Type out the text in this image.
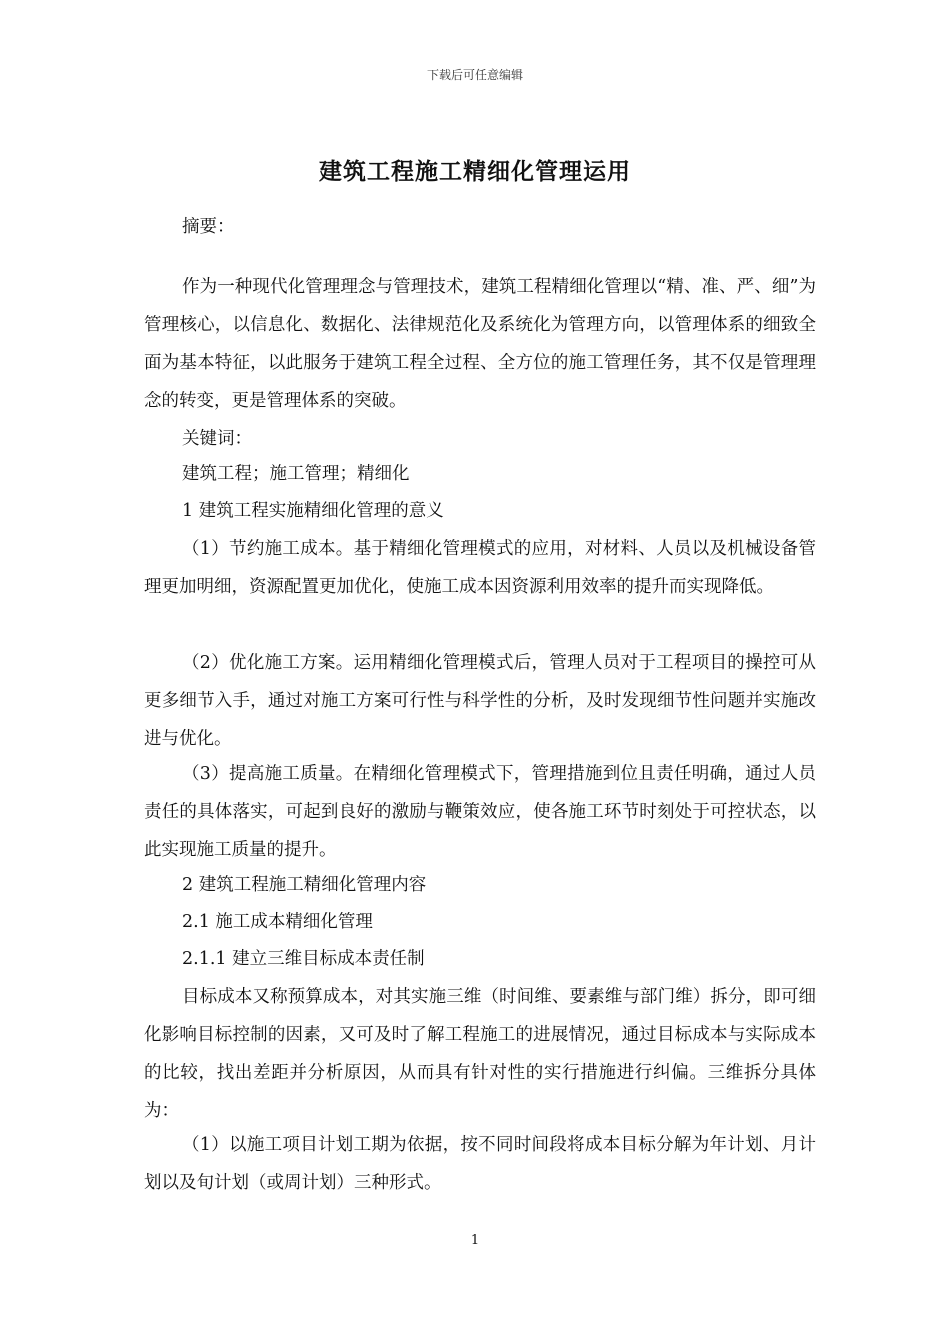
下载后可任意编辑
建筑工程施工精细化管理运用

摘要：

作为一种现代化管理理念与管理技术，建筑工程精细化管理以“精、准、严、细”为管理核心，以信息化、数据化、法律规范化及系统化为管理方向，以管理体系的细致全面为基本特征，以此服务于建筑工程全过程、全方位的施工管理任务，其不仅是管理理念的转变，更是管理体系的突破。

关键词：

建筑工程；施工管理；精细化

1 建筑工程实施精细化管理的意义

（1）节约施工成本。基于精细化管理模式的应用，对材料、人员以及机械设备管理更加明细，资源配置更加优化，使施工成本因资源利用效率的提升而实现降低。

（2）优化施工方案。运用精细化管理模式后，管理人员对于工程项目的操控可从更多细节入手，通过对施工方案可行性与科学性的分析，及时发现细节性问题并实施改进与优化。

（3）提高施工质量。在精细化管理模式下，管理措施到位且责任明确，通过人员责任的具体落实，可起到良好的激励与鞭策效应，使各施工环节时刻处于可控状态，以此实现施工质量的提升。

2 建筑工程施工精细化管理内容

2.1 施工成本精细化管理

2.1.1 建立三维目标成本责任制

目标成本又称预算成本，对其实施三维（时间维、要素维与部门维）拆分，即可细化影响目标控制的因素，又可及时了解工程施工的进展情况，通过目标成本与实际成本的比较，找出差距并分析原因，从而具有针对性的实行措施进行纠偏。三维拆分具体为：

（1）以施工项目计划工期为依据，按不同时间段将成本目标分解为年计划、月计划以及旬计划（或周计划）三种形式。

1
